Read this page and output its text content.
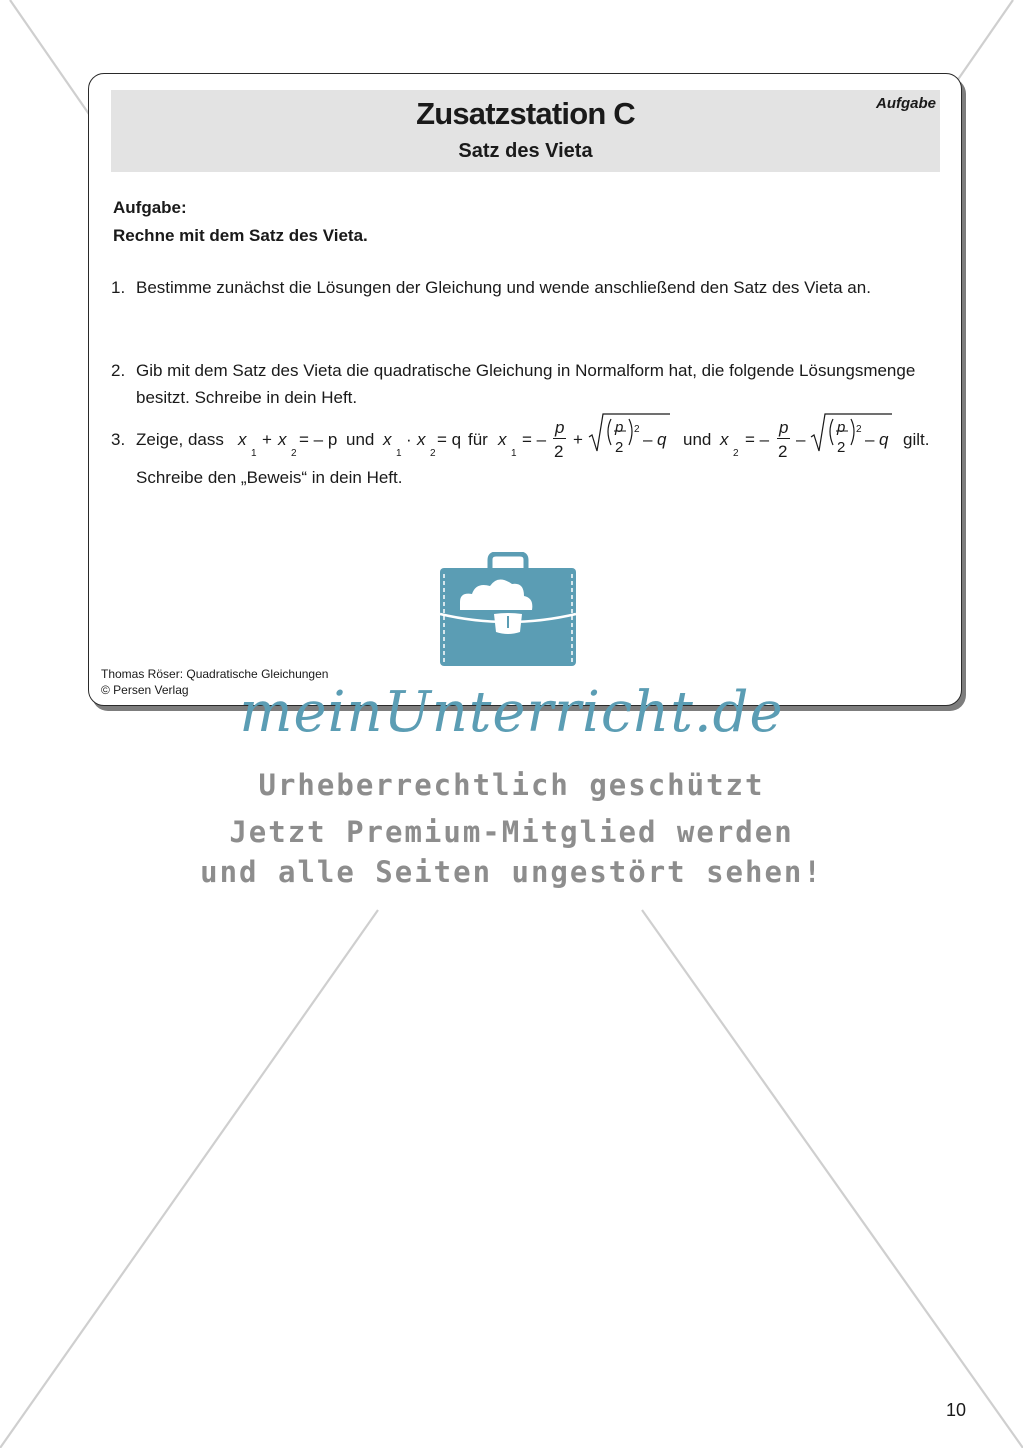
Zusatzstation C
Satz des Vieta
Aufgabe
Aufgabe:
Rechne mit dem Satz des Vieta.
1. Bestimme zunächst die Lösungen der Gleichung und wende anschließend den Satz des Vieta an.
2. Gib mit dem Satz des Vieta die quadratische Gleichung in Normalform hat, die folgende Lösungsmenge besitzt. Schreibe in dein Heft.
3. Zeige, dass x
1
+ x
2
= – p und x
1
· x
2
= q für x
1
= –
p
2
+
p
2
2
– q und x
2
= –
p
2
–
p
2
2
– q gilt.
Schreibe den „Beweis“ in dein Heft.
Thomas Röser: Quadratische Gleichungen
© Persen Verlag meinUnterricht.de
Urheberrechtlich geschützt
Jetzt Premium-Mitglied werden
und alle Seiten ungestört sehen!
10
